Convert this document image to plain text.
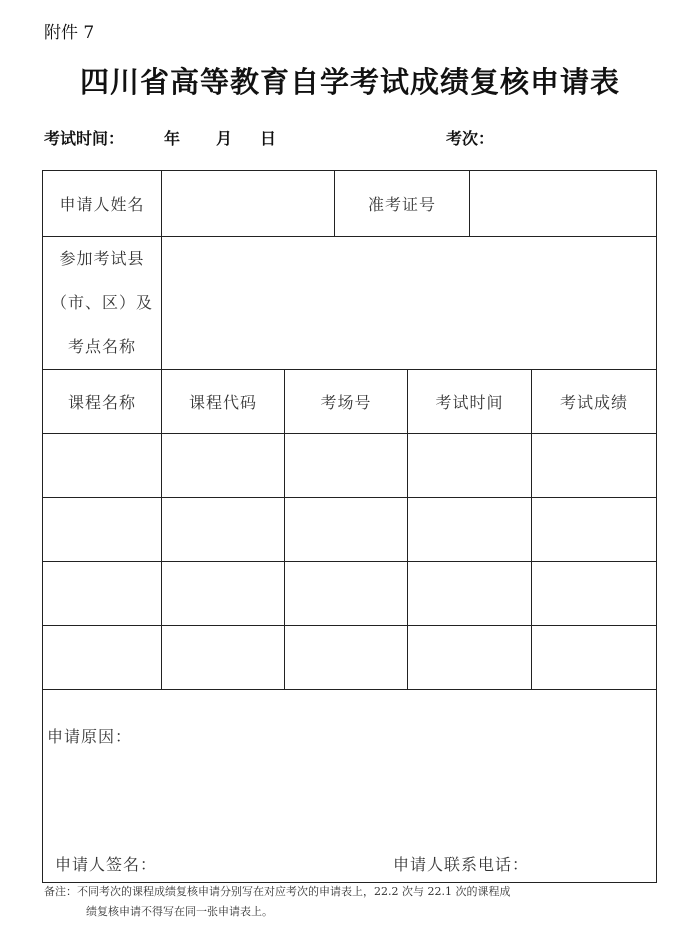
附件 7
四川省高等教育自学考试成绩复核申请表
考试时间：	年 月 日	考次：
申请人姓名			准考证号			

参加考试县
（市、区）及
考点名称						

课程名称	课程代码	考场号		考试时间		考试成绩

申请原因：
申请人签名： 申请人联系电话：						
备注：不同考次的课程成绩复核申请分别写在对应考次的申请表上，22.2 次与 22.1 次的课程成
绩复核申请不得写在同一张申请表上。
